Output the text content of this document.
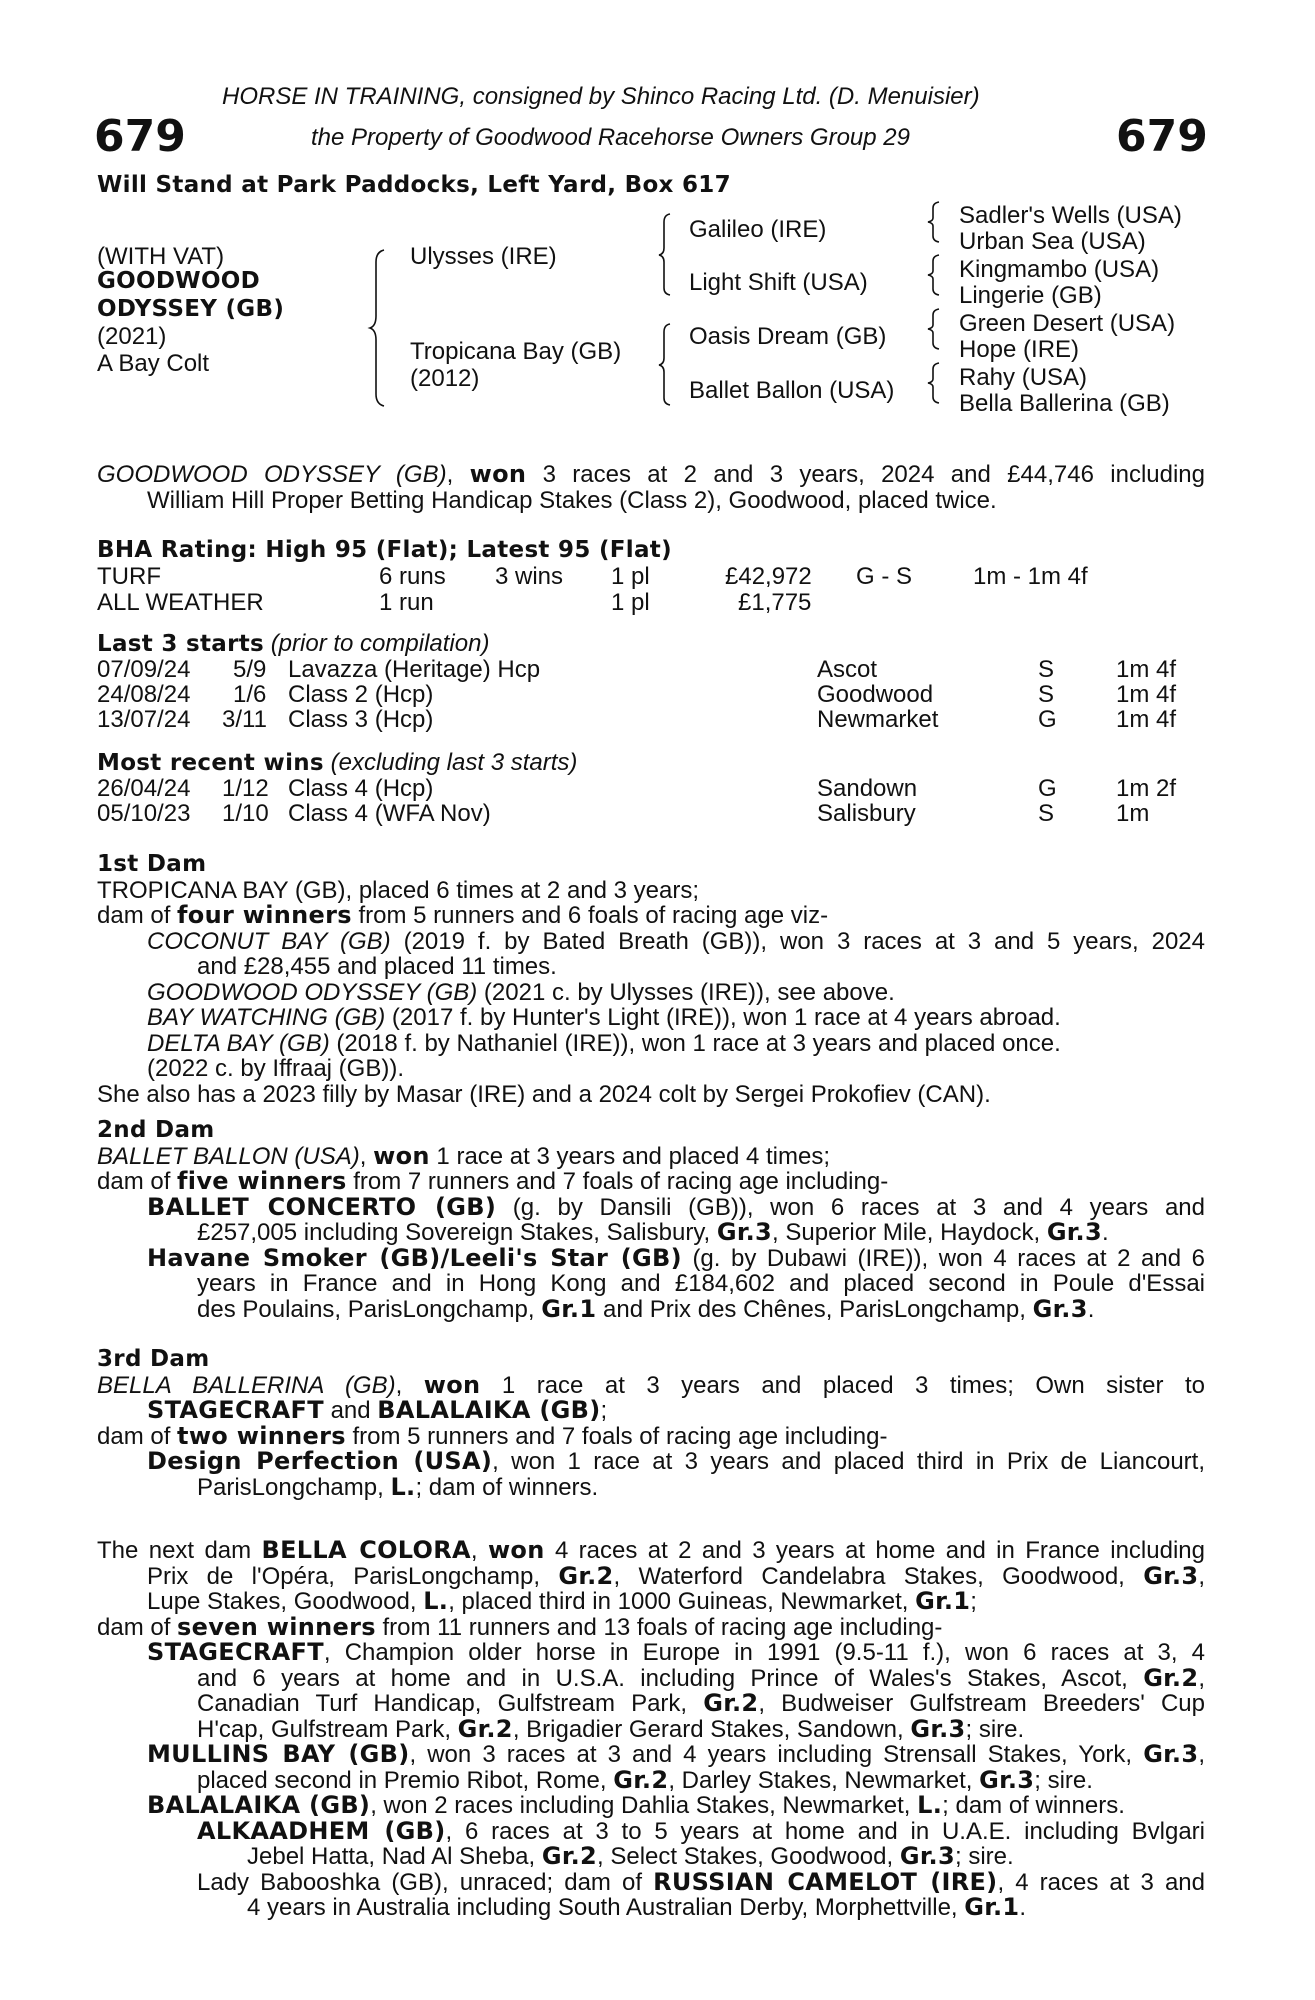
HORSE IN TRAINING, consigned by Shinco Racing Ltd. (D. Menuisier)
679	the Property of Goodwood Racehorse Owners Group 29	679
Will Stand at Park Paddocks, Left Yard, Box 617
(WITH VAT)
GOODWOOD
ODYSSEY (GB)
(2021)
A Bay Colt
Ulysses (IRE)
Tropicana Bay (GB)
(2012)
Galileo (IRE)
Light Shift (USA)
Oasis Dream (GB)
Ballet Ballon (USA)
Sadler's Wells (USA)
Urban Sea (USA)
Kingmambo (USA)
Lingerie (GB)
Green Desert (USA)
Hope (IRE)
Rahy (USA)
Bella Ballerina (GB)
GOODWOOD ODYSSEY (GB), won 3 races at 2 and 3 years, 2024 and £44,746 including
William Hill Proper Betting Handicap Stakes (Class 2), Goodwood, placed twice.
BHA Rating: High 95 (Flat); Latest 95 (Flat)
TURF	6 runs 3 wins 1 pl	£42,972 G - S	1m - 1m 4f
ALL WEATHER	1 run	1 pl	£1,775
Last 3 starts (prior to compilation)
07/09/24 5/9 Lavazza (Heritage) Hcp	Ascot	S	1m 4f
24/08/24 1/6 Class 2 (Hcp)	Goodwood	S	1m 4f
13/07/24 3/11 Class 3 (Hcp)	Newmarket	G 1m 4f
Most recent wins (excluding last 3 starts)
26/04/24 1/12 Class 4 (Hcp)	Sandown	G 1m 2f
05/10/23 1/10 Class 4 (WFA Nov)	Salisbury	S	1m
1st Dam
TROPICANA BAY (GB), placed 6 times at 2 and 3 years;
dam of four winners from 5 runners and 6 foals of racing age viz-
COCONUT BAY (GB) (2019 f. by Bated Breath (GB)), won 3 races at 3 and 5 years, 2024
and £28,455 and placed 11 times.
GOODWOOD ODYSSEY (GB) (2021 c. by Ulysses (IRE)), see above.
BAY WATCHING (GB) (2017 f. by Hunter's Light (IRE)), won 1 race at 4 years abroad.
DELTA BAY (GB) (2018 f. by Nathaniel (IRE)), won 1 race at 3 years and placed once.
(2022 c. by Iffraaj (GB)).
She also has a 2023 filly by Masar (IRE) and a 2024 colt by Sergei Prokofiev (CAN).
2nd Dam
BALLET BALLON (USA), won 1 race at 3 years and placed 4 times;
dam of five winners from 7 runners and 7 foals of racing age including-
BALLET CONCERTO (GB) (g. by Dansili (GB)), won 6 races at 3 and 4 years and
£257,005 including Sovereign Stakes, Salisbury, Gr.3, Superior Mile, Haydock, Gr.3.
Havane Smoker (GB)/Leeli's Star (GB) (g. by Dubawi (IRE)), won 4 races at 2 and 6
years in France and in Hong Kong and £184,602 and placed second in Poule d'Essai
des Poulains, ParisLongchamp, Gr.1 and Prix des Chênes, ParisLongchamp, Gr.3.
3rd Dam
BELLA BALLERINA (GB), won 1 race at 3 years and placed 3 times; Own sister to
STAGECRAFT and BALALAIKA (GB);
dam of two winners from 5 runners and 7 foals of racing age including-
Design Perfection (USA), won 1 race at 3 years and placed third in Prix de Liancourt,
ParisLongchamp, L.; dam of winners.
The next dam BELLA COLORA, won 4 races at 2 and 3 years at home and in France including
Prix de l'Opéra, ParisLongchamp, Gr.2, Waterford Candelabra Stakes, Goodwood, Gr.3,
Lupe Stakes, Goodwood, L., placed third in 1000 Guineas, Newmarket, Gr.1;
dam of seven winners from 11 runners and 13 foals of racing age including-
STAGECRAFT, Champion older horse in Europe in 1991 (9.5-11 f.), won 6 races at 3, 4
and 6 years at home and in U.S.A. including Prince of Wales's Stakes, Ascot, Gr.2,
Canadian Turf Handicap, Gulfstream Park, Gr.2, Budweiser Gulfstream Breeders' Cup
H'cap, Gulfstream Park, Gr.2, Brigadier Gerard Stakes, Sandown, Gr.3; sire.
MULLINS BAY (GB), won 3 races at 3 and 4 years including Strensall Stakes, York, Gr.3,
placed second in Premio Ribot, Rome, Gr.2, Darley Stakes, Newmarket, Gr.3; sire.
BALALAIKA (GB), won 2 races including Dahlia Stakes, Newmarket, L.; dam of winners.
ALKAADHEM (GB), 6 races at 3 to 5 years at home and in U.A.E. including Bvlgari
Jebel Hatta, Nad Al Sheba, Gr.2, Select Stakes, Goodwood, Gr.3; sire.
Lady Babooshka (GB), unraced; dam of RUSSIAN CAMELOT (IRE), 4 races at 3 and
4 years in Australia including South Australian Derby, Morphettville, Gr.1.
